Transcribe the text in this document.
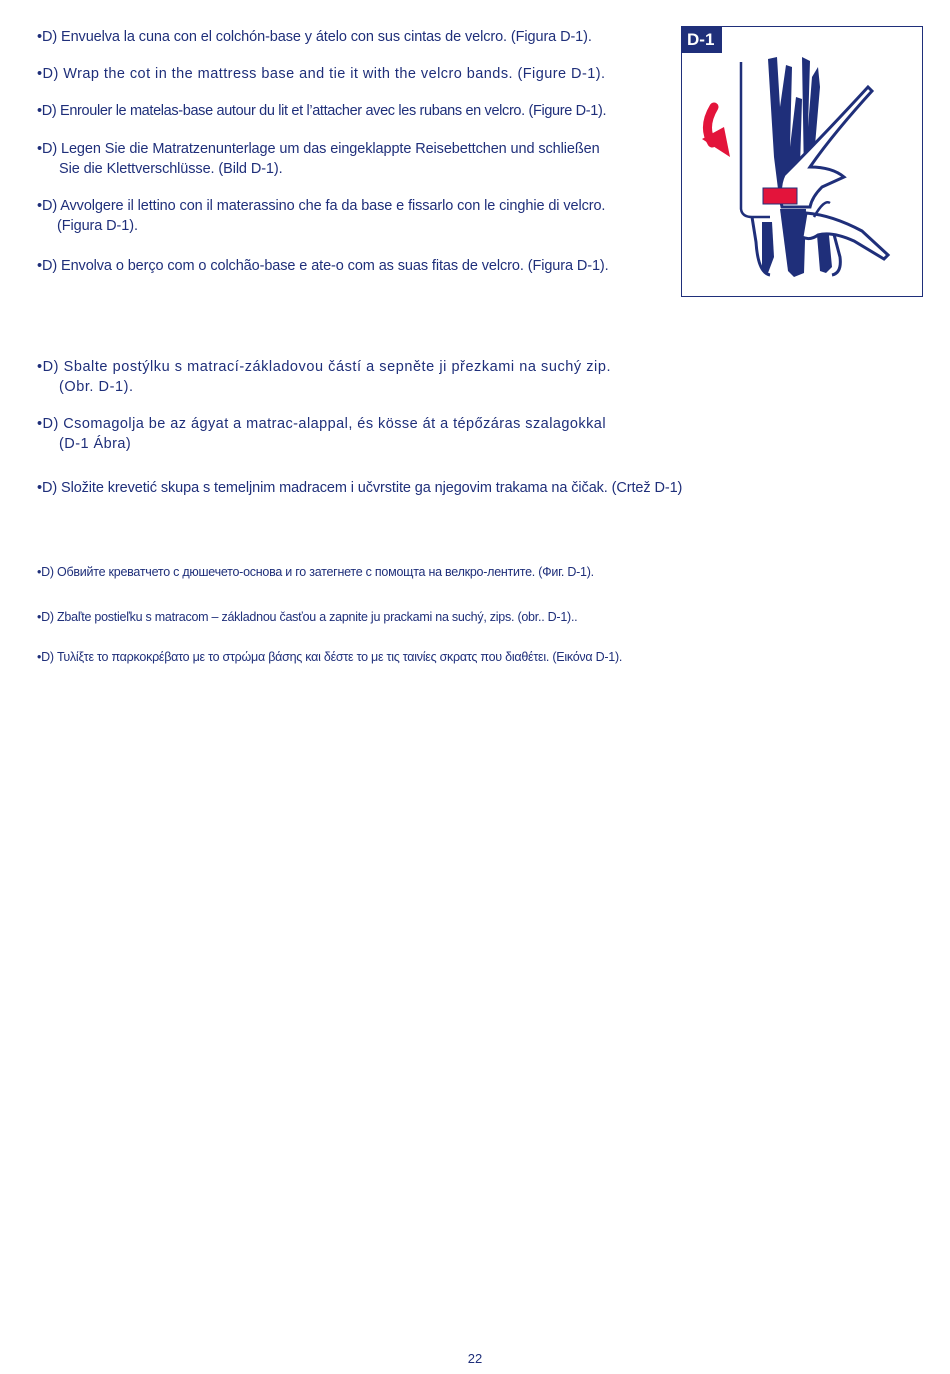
•D) Envuelva la cuna con el colchón-base y átelo con sus cintas de velcro. (Figura D-1).
•D) Wrap the cot in the mattress base and tie it with the velcro bands. (Figure D-1).
•D) Enrouler le matelas-base autour du lit et l’attacher avec les rubans en velcro. (Figure D-1).
•D) Legen Sie die Matratzenunterlage um das eingeklappte Reisebettchen und schließen
Sie die Klettverschlüsse. (Bild D-1).
•D) Avvolgere il lettino con il materassino che fa da base e fissarlo con le cinghie di velcro.
(Figura D-1).
•D) Envolva o berço com o colchão-base e ate-o com as suas fitas de velcro. (Figura D-1).
•D) Sbalte postýlku s matrací-základovou částí a sepněte ji přezkami na suchý zip.
(Obr. D-1).
•D) Csomagolja be az ágyat a matrac-alappal, és kösse át a tépőzáras szalagokkal
(D-1 Ábra)
•D) Složite krevetić skupa s temeljnim madracem i učvrstite ga njegovim trakama na čičak. (Crtež D-1)
•D) Обвийте креватчето с дюшечето-основа и го затегнете с помощта на велкро-лентите. (Фиг. D-1).
•D) Zbaľte postieľku s matracom – základnou časťou a zapnite ju prackami na suchý, zips. (obr.. D-1)..
•D) Τυλίξτε το παρκοκρέβατο με το στρώμα βάσης και δέστε το με τις ταινίες σκρατς που διαθέτει. (Εικόνα D-1).
D-1
22
